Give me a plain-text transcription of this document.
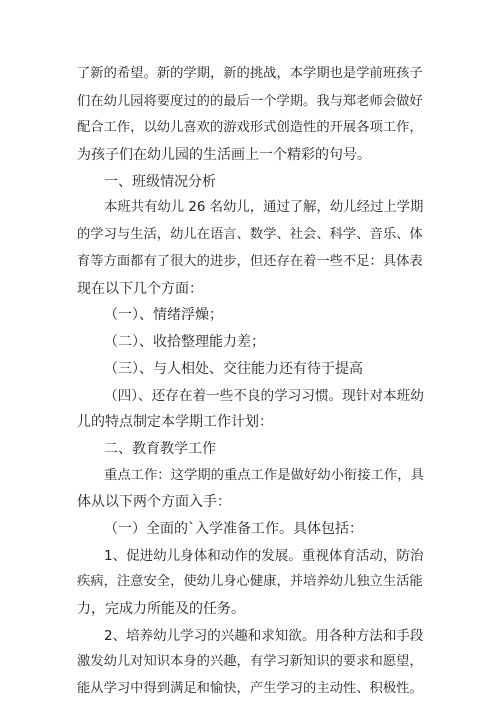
了新的希望。新的学期，新的挑战，本学期也是学前班孩子
们在幼儿园将要度过的的最后一个学期。我与郑老师会做好
配合工作，以幼儿喜欢的游戏形式创造性的开展各项工作，
为孩子们在幼儿园的生活画上一个精彩的句号。
一、班级情况分析
本班共有幼儿 26 名幼儿，通过了解，幼儿经过上学期
的学习与生活，幼儿在语言、数学、社会、科学、音乐、体
育等方面都有了很大的进步，但还存在着一些不足：具体表
现在以下几个方面：
（一）、情绪浮燥；
（二）、收拾整理能力差；
（三）、与人相处、交往能力还有待于提高
（四）、还存在着一些不良的学习习惯。现针对本班幼
儿的特点制定本学期工作计划：
二、教育教学工作
重点工作：这学期的重点工作是做好幼小衔接工作，具
体从以下两个方面入手：
（一）全面的`入学准备工作。具体包括：
1、促进幼儿身体和动作的发展。重视体育活动，防治
疾病，注意安全，使幼儿身心健康，并培养幼儿独立生活能
力，完成力所能及的任务。
2、培养幼儿学习的兴趣和求知欲。用各种方法和手段
激发幼儿对知识本身的兴趣，有学习新知识的要求和愿望，
能从学习中得到满足和愉快，产生学习的主动性、积极性。
